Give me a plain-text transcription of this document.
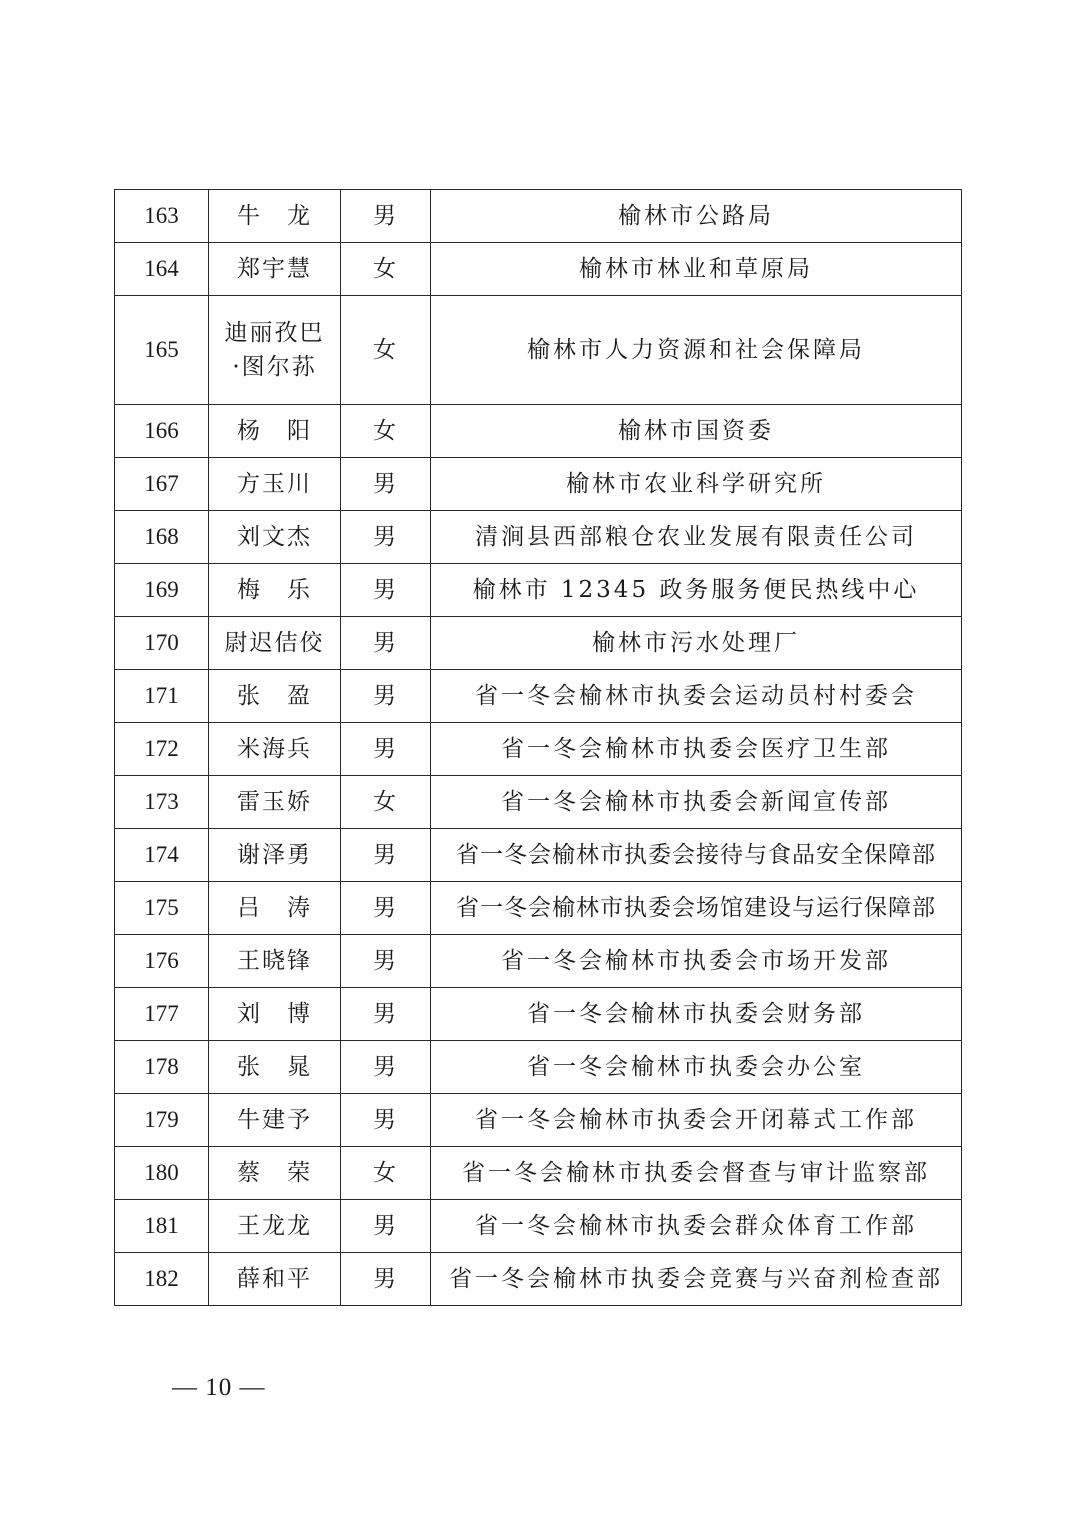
163	牛　龙	男	榆林市公路局
164	郑宇慧	女	榆林市林业和草原局
165	迪丽孜巴·图尔荪	女	榆林市人力资源和社会保障局
166	杨　阳	女	榆林市国资委
167	方玉川	男	榆林市农业科学研究所
168	刘文杰	男	清涧县西部粮仓农业发展有限责任公司
169	梅　乐	男	榆林市 12345 政务服务便民热线中心
170	尉迟佶佼	男	榆林市污水处理厂
171	张　盈	男	省一冬会榆林市执委会运动员村村委会
172	米海兵	男	省一冬会榆林市执委会医疗卫生部
173	雷玉娇	女	省一冬会榆林市执委会新闻宣传部
174	谢泽勇	男	省一冬会榆林市执委会接待与食品安全保障部
175	吕　涛	男	省一冬会榆林市执委会场馆建设与运行保障部
176	王晓锋	男	省一冬会榆林市执委会市场开发部
177	刘　博	男	省一冬会榆林市执委会财务部
178	张　晁	男	省一冬会榆林市执委会办公室
179	牛建予	男	省一冬会榆林市执委会开闭幕式工作部
180	蔡　荣	女	省一冬会榆林市执委会督查与审计监察部
181	王龙龙	男	省一冬会榆林市执委会群众体育工作部
182	薛和平	男	省一冬会榆林市执委会竞赛与兴奋剂检查部
— 10 —
